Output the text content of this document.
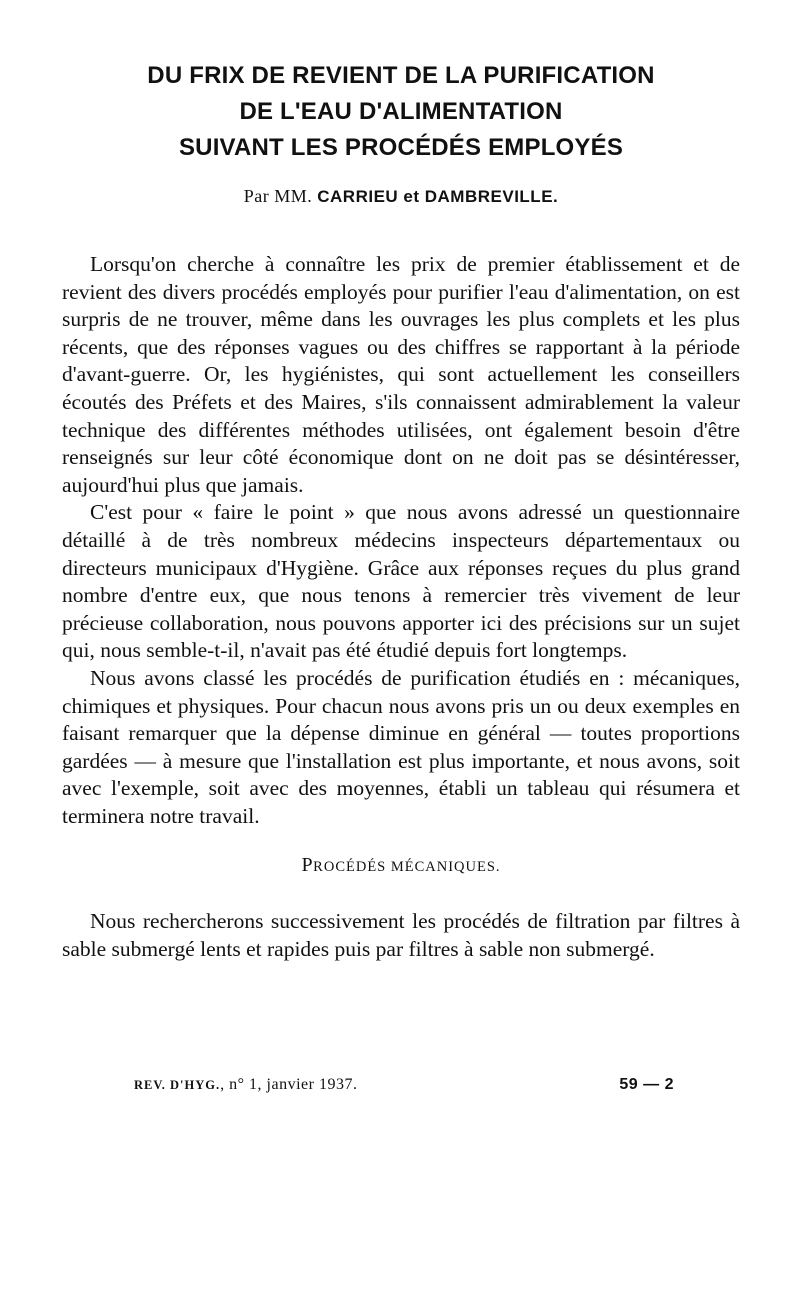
DU FRIX DE REVIENT DE LA PURIFICATION
DE L'EAU D'ALIMENTATION
SUIVANT LES PROCÉDÉS EMPLOYÉS
Par MM. CARRIEU et DAMBREVILLE.

Lorsqu'on cherche à connaître les prix de premier établissement et de revient des divers procédés employés pour purifier l'eau d'alimentation, on est surpris de ne trouver, même dans les ouvrages les plus complets et les plus récents, que des réponses vagues ou des chiffres se rapportant à la période d'avant-guerre. Or, les hygiénistes, qui sont actuellement les conseillers écoutés des Préfets et des Maires, s'ils connaissent admirablement la valeur technique des différentes méthodes utilisées, ont également besoin d'être renseignés sur leur côté économique dont on ne doit pas se désintéresser, aujourd'hui plus que jamais.

C'est pour « faire le point » que nous avons adressé un questionnaire détaillé à de très nombreux médecins inspecteurs départementaux ou directeurs municipaux d'Hygiène. Grâce aux réponses reçues du plus grand nombre d'entre eux, que nous tenons à remercier très vivement de leur précieuse collaboration, nous pouvons apporter ici des précisions sur un sujet qui, nous semble-t-il, n'avait pas été étudié depuis fort longtemps.

Nous avons classé les procédés de purification étudiés en : mécaniques, chimiques et physiques. Pour chacun nous avons pris un ou deux exemples en faisant remarquer que la dépense diminue en général — toutes proportions gardées — à mesure que l'installation est plus importante, et nous avons, soit avec l'exemple, soit avec des moyennes, établi un tableau qui résumera et terminera notre travail.

PROCÉDÉS MÉCANIQUES.

Nous rechercherons successivement les procédés de filtration par filtres à sable submergé lents et rapides puis par filtres à sable non submergé.

REV. D'HYG., n° 1, janvier 1937.	59 — 2
